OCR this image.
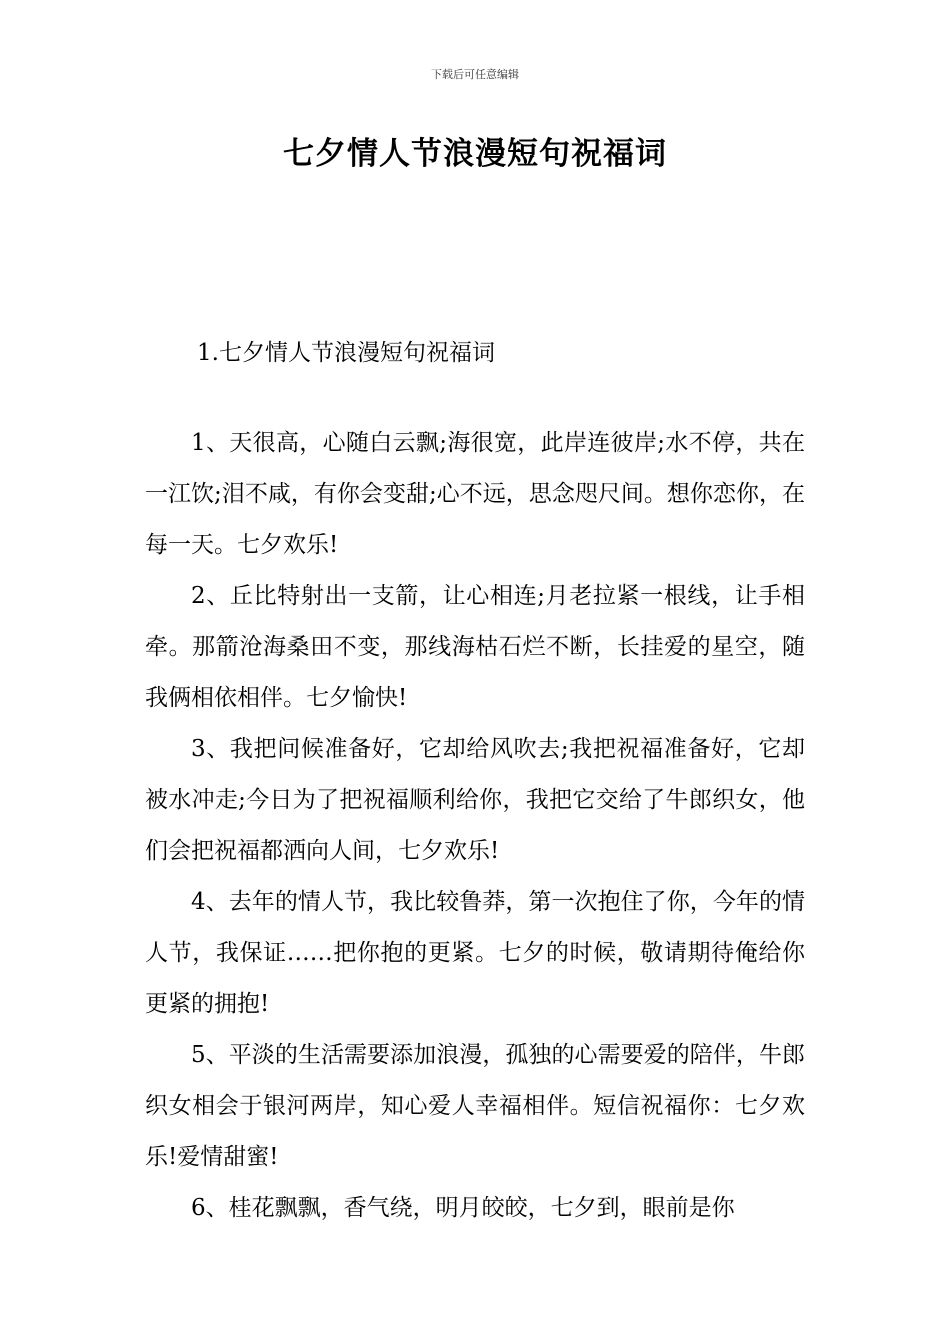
下载后可任意编辑
七夕情人节浪漫短句祝福词
1.七夕情人节浪漫短句祝福词

1、天很高，心随白云飘;海很宽，此岸连彼岸;水不停，共在一江饮;泪不咸，有你会变甜;心不远，思念咫尺间。想你恋你，在每一天。七夕欢乐!

2、丘比特射出一支箭，让心相连;月老拉紧一根线，让手相牵。那箭沧海桑田不变，那线海枯石烂不断，长挂爱的星空，随我俩相依相伴。七夕愉快!

3、我把问候准备好，它却给风吹去;我把祝福准备好，它却被水冲走;今日为了把祝福顺利给你，我把它交给了牛郎织女，他们会把祝福都洒向人间，七夕欢乐!

4、去年的情人节，我比较鲁莽，第一次抱住了你，今年的情人节，我保证……把你抱的更紧。七夕的时候，敬请期待俺给你更紧的拥抱!

5、平淡的生活需要添加浪漫，孤独的心需要爱的陪伴，牛郎织女相会于银河两岸，知心爱人幸福相伴。短信祝福你：七夕欢乐!爱情甜蜜!

6、桂花飘飘，香气绕，明月皎皎，七夕到，眼前是你
